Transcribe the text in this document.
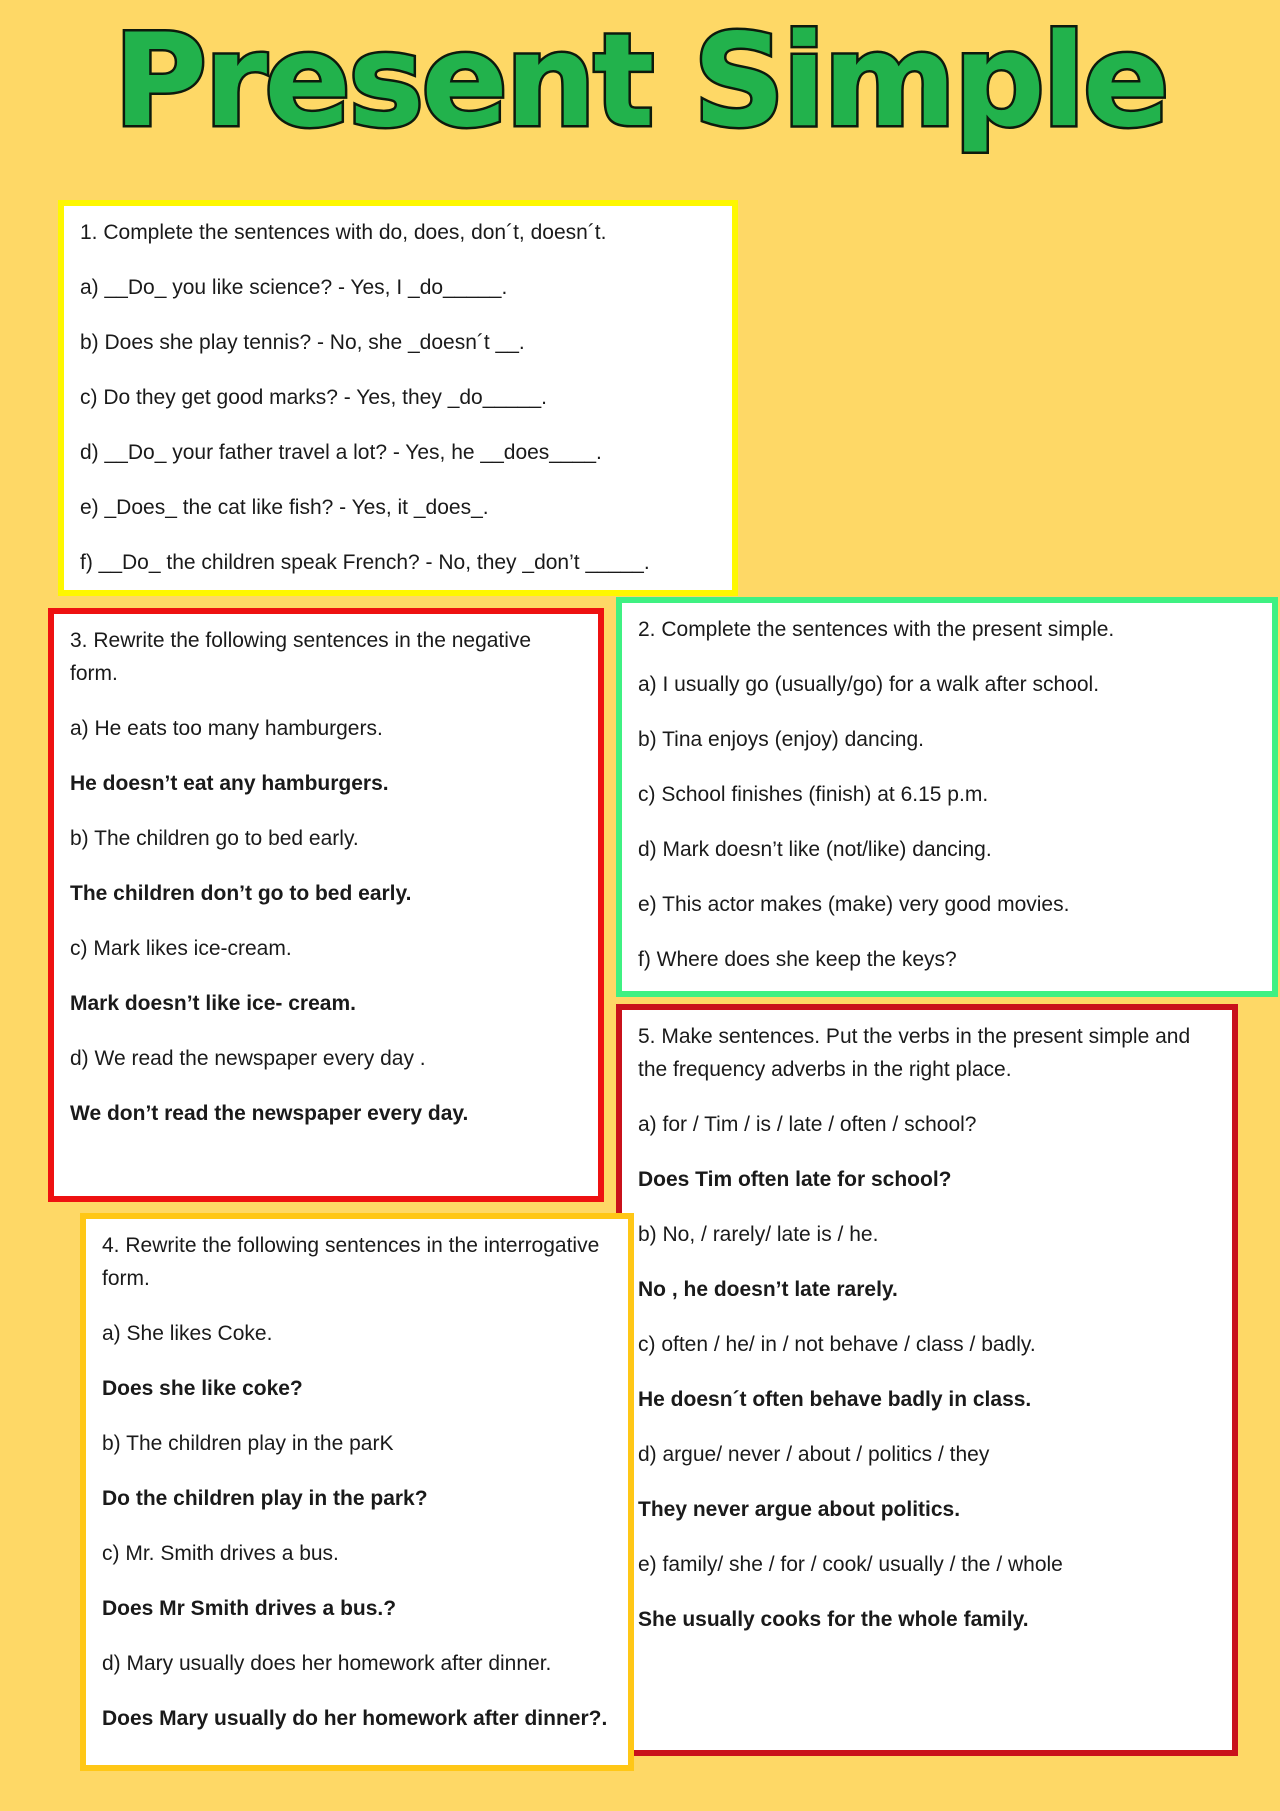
Present Simple

1. Complete the sentences with do, does, don´t, doesn´t.

a) __Do_ you like science? - Yes, I _do_____.

b) Does she play tennis? - No, she _doesn´t __.

c) Do they get good marks? - Yes, they _do_____.

d) __Do_ your father travel a lot? - Yes, he __does____.

e) _Does_ the cat like fish? - Yes, it _does_.

f) __Do_ the children speak French? - No, they _don’t _____.

3. Rewrite the following sentences in the negative form.

a) He eats too many hamburgers.

He doesn’t eat any hamburgers.

b) The children go to bed early.

The children don’t go to bed early.

c) Mark likes ice-cream.

Mark doesn’t like ice- cream.

d) We read the newspaper every day .

We don’t read the newspaper every day.

2. Complete the sentences with the present simple.

a) I usually go (usually/go) for a walk after school.

b) Tina enjoys (enjoy) dancing.

c) School finishes (finish) at 6.15 p.m.

d) Mark doesn’t like (not/like) dancing.

e) This actor makes (make) very good movies.

f) Where does she keep the keys?

5. Make sentences. Put the verbs in the present simple and the frequency adverbs in the right place.

a) for / Tim / is / late / often / school?

Does Tim often late for school?

b) No, / rarely/ late is / he.

No , he doesn’t late rarely.

c) often / he/ in / not behave / class / badly.

He doesn´t often behave badly in class.

d) argue/ never / about / politics / they

They never argue about politics.

e) family/ she / for / cook/ usually / the / whole

She usually cooks for the whole family.

4. Rewrite the following sentences in the interrogative form.

a) She likes Coke.

Does she like coke?

b) The children play in the parK

Do the children play in the park?

c) Mr. Smith drives a bus.

Does Mr Smith drives a bus.?

d) Mary usually does her homework after dinner.

Does Mary usually do her homework after dinner?.
